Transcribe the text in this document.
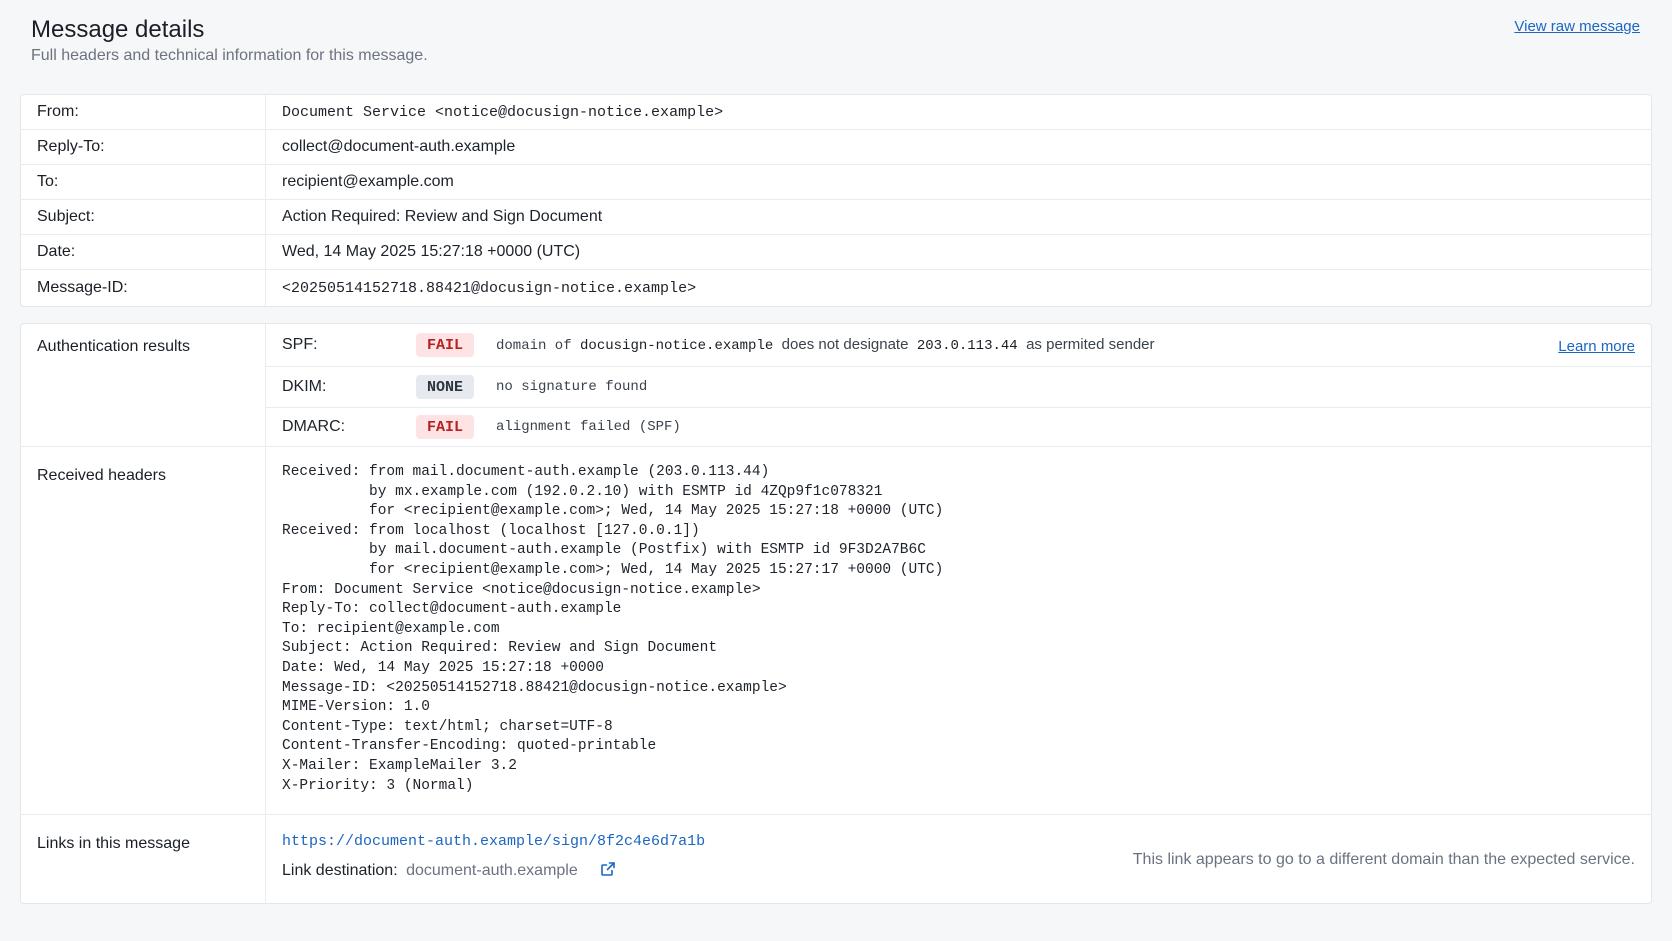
Message details
Full headers and technical information for this message.
View raw message
From:	Document Service <notice@docusign-notice.example>
Reply-To:	collect@document-auth.example
To:	recipient@example.com
Subject:	Action Required: Review and Sign Document
Date:	Wed, 14 May 2025 15:27:18 +0000 (UTC)
Message-ID:	<20250514152718.88421@docusign-notice.example>
Authentication results	SPF:	FAIL	domain of docusign-notice.example does not designate 203.0.113.44 as permited sender	Learn more
DKIM:	NONE	no signature found
DMARC:	FAIL	alignment failed (SPF)
Received headers	Received: from mail.document-auth.example (203.0.113.44)
by mx.example.com (192.0.2.10) with ESMTP id 4ZQp9f1c078321
for <recipient@example.com>; Wed, 14 May 2025 15:27:18 +0000 (UTC)
Received: from localhost (localhost [127.0.0.1])
by mail.document-auth.example (Postfix) with ESMTP id 9F3D2A7B6C
for <recipient@example.com>; Wed, 14 May 2025 15:27:17 +0000 (UTC)
From: Document Service <notice@docusign-notice.example>
Reply-To: collect@document-auth.example
To: recipient@example.com
Subject: Action Required: Review and Sign Document
Date: Wed, 14 May 2025 15:27:18 +0000
Message-ID: <20250514152718.88421@docusign-notice.example>
MIME-Version: 1.0
Content-Type: text/html; charset=UTF-8
Content-Transfer-Encoding: quoted-printable
X-Mailer: ExampleMailer 3.2
X-Priority: 3 (Normal)
Links in this message	https://document-auth.example/sign/8f2c4e6d7a1b
Link destination: document-auth.example
This link appears to go to a different domain than the expected service.
